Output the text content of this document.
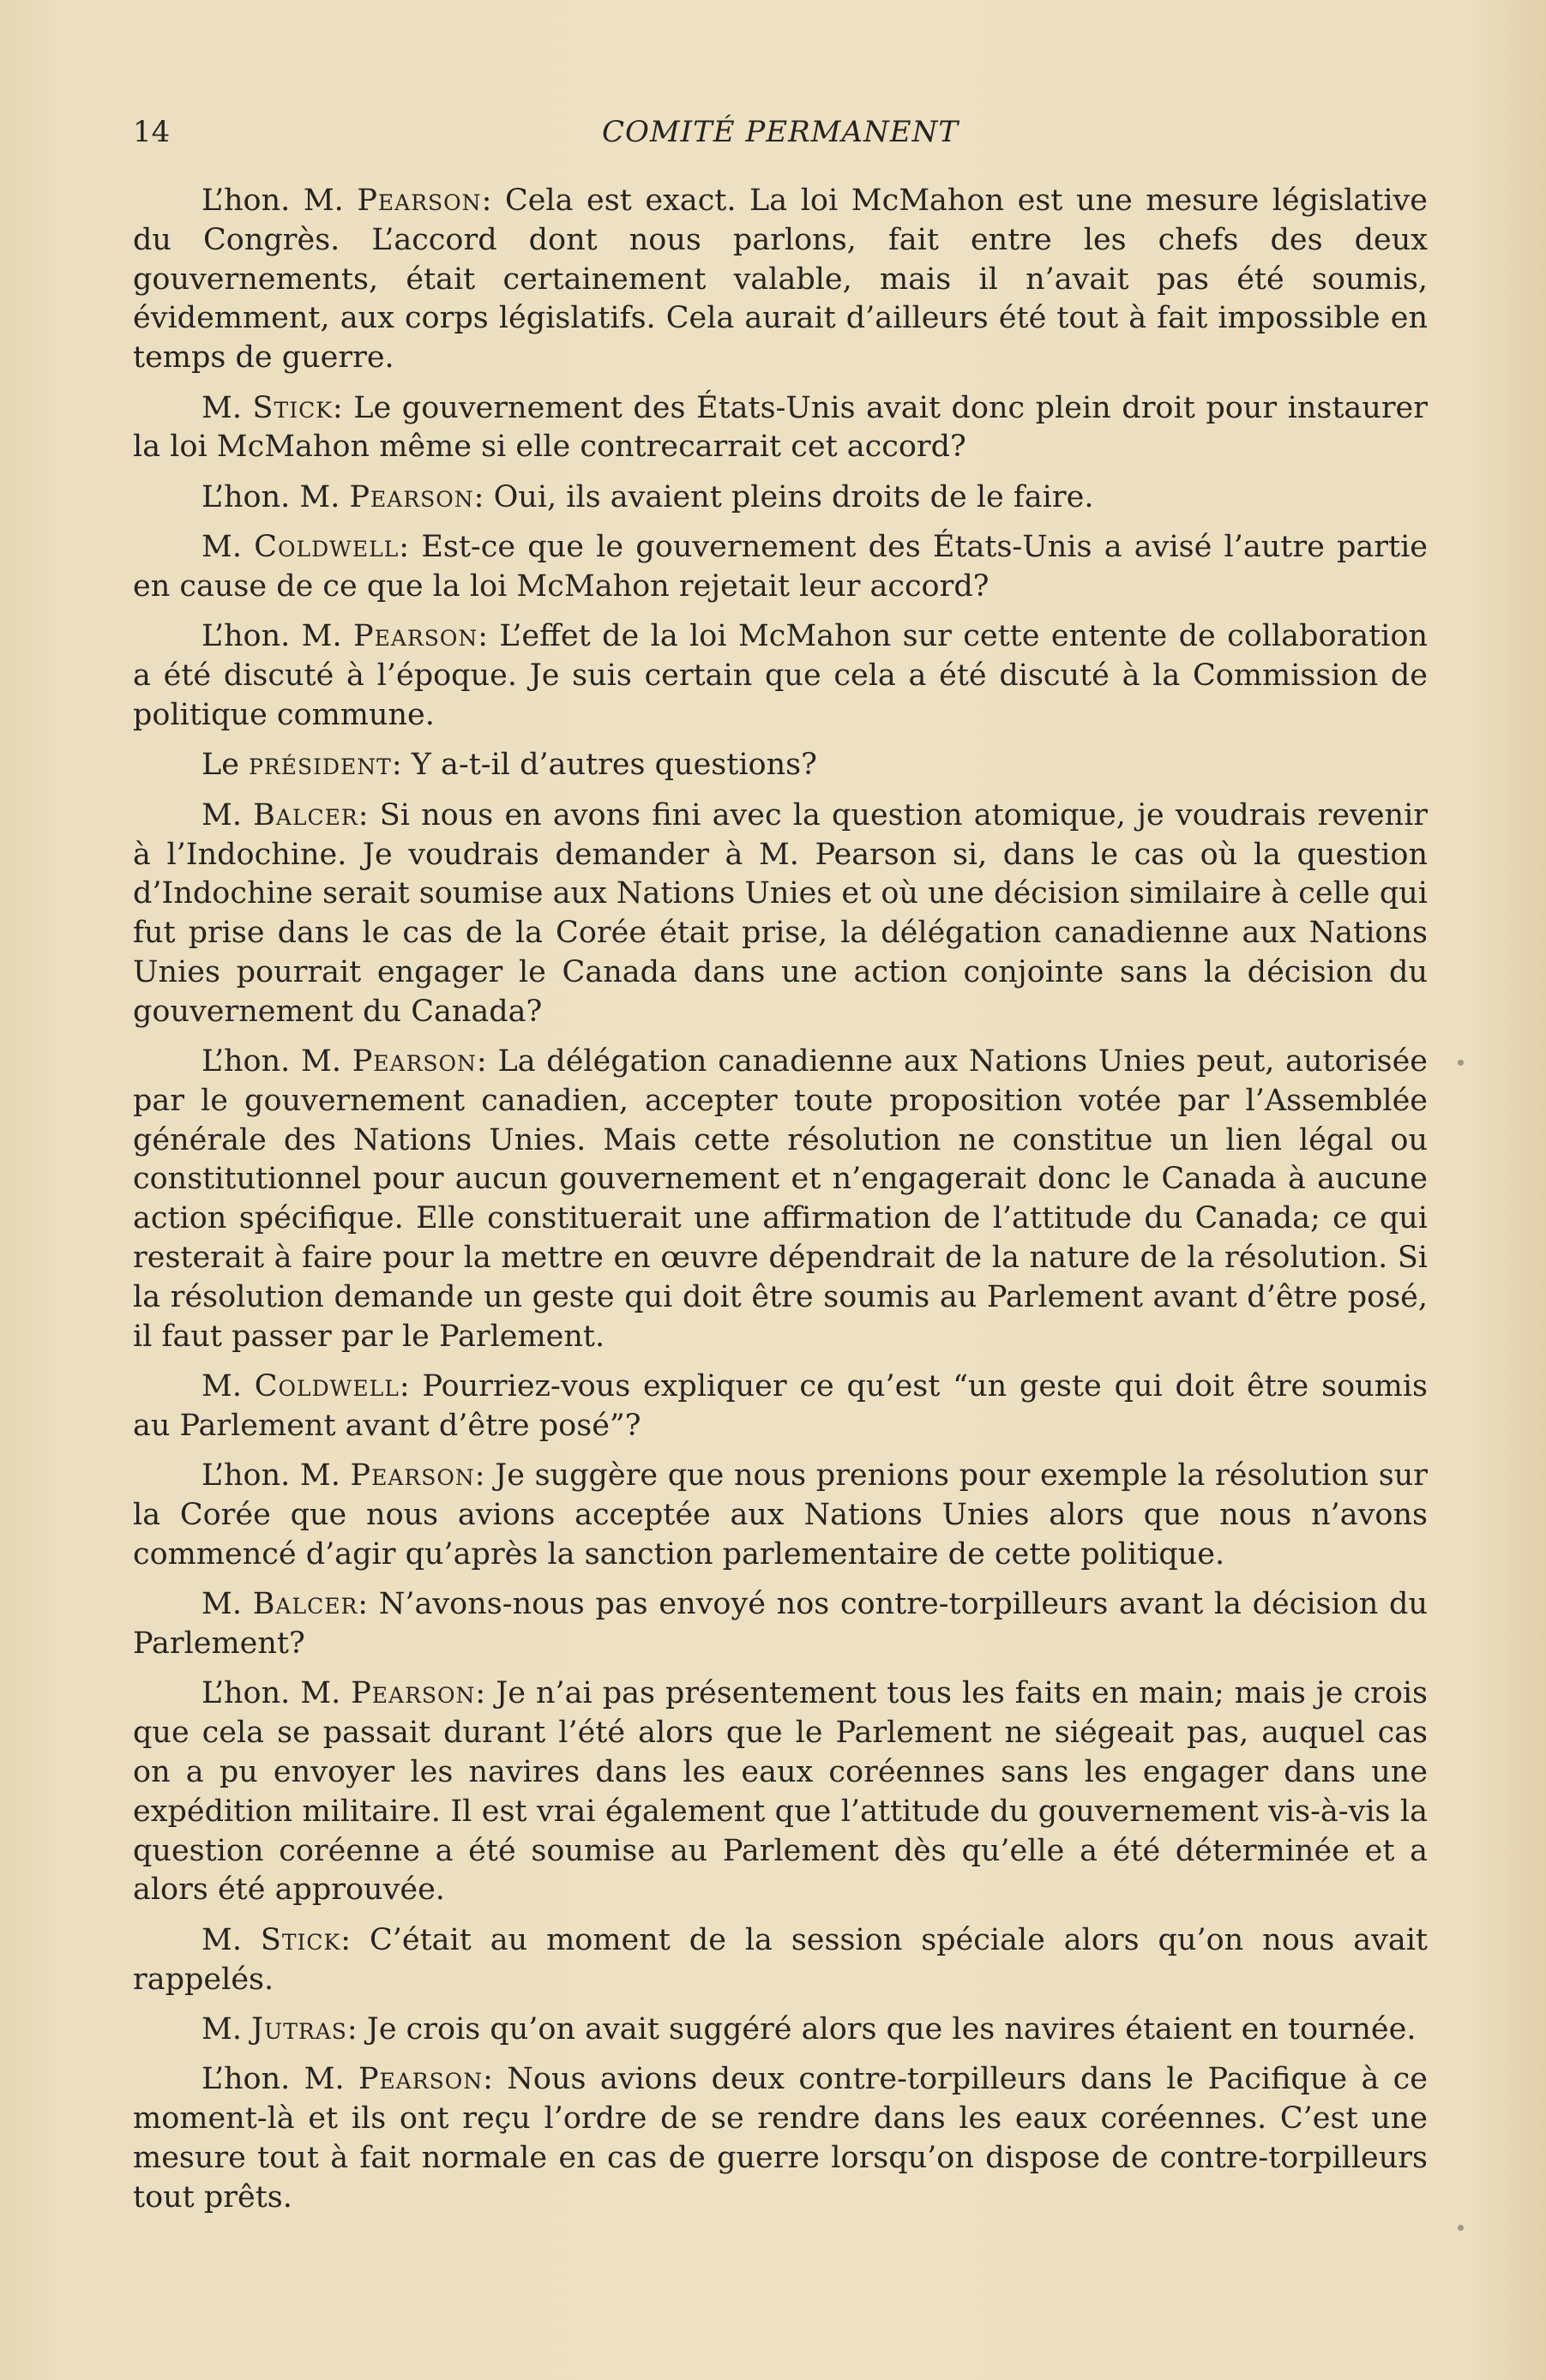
14	COMITÉ PERMANENT

L’hon. M. Pearson: Cela est exact. La loi McMahon est une mesure législative du Congrès. L’accord dont nous parlons, fait entre les chefs des deux gouvernements, était certainement valable, mais il n’avait pas été soumis, évidemment, aux corps législatifs. Cela aurait d’ailleurs été tout à fait impossible en temps de guerre.

M. Stick: Le gouvernement des États-Unis avait donc plein droit pour instaurer la loi McMahon même si elle contrecarrait cet accord?

L’hon. M. Pearson: Oui, ils avaient pleins droits de le faire.

M. Coldwell: Est-ce que le gouvernement des États-Unis a avisé l’autre partie en cause de ce que la loi McMahon rejetait leur accord?

L’hon. M. Pearson: L’effet de la loi McMahon sur cette entente de collaboration a été discuté à l’époque. Je suis certain que cela a été discuté à la Commission de politique commune.

Le président: Y a-t-il d’autres questions?

M. Balcer: Si nous en avons fini avec la question atomique, je voudrais revenir à l’Indochine. Je voudrais demander à M. Pearson si, dans le cas où la question d’Indochine serait soumise aux Nations Unies et où une décision similaire à celle qui fut prise dans le cas de la Corée était prise, la délégation canadienne aux Nations Unies pourrait engager le Canada dans une action conjointe sans la décision du gouvernement du Canada?

L’hon. M. Pearson: La délégation canadienne aux Nations Unies peut, autorisée par le gouvernement canadien, accepter toute proposition votée par l’Assemblée générale des Nations Unies. Mais cette résolution ne constitue un lien légal ou constitutionnel pour aucun gouvernement et n’engagerait donc le Canada à aucune action spécifique. Elle constituerait une affirmation de l’attitude du Canada; ce qui resterait à faire pour la mettre en œuvre dépendrait de la nature de la résolution. Si la résolution demande un geste qui doit être soumis au Parlement avant d’être posé, il faut passer par le Parlement.

M. Coldwell: Pourriez-vous expliquer ce qu’est “un geste qui doit être soumis au Parlement avant d’être posé”?

L’hon. M. Pearson: Je suggère que nous prenions pour exemple la résolution sur la Corée que nous avions acceptée aux Nations Unies alors que nous n’avons commencé d’agir qu’après la sanction parlementaire de cette politique.

M. Balcer: N’avons-nous pas envoyé nos contre-torpilleurs avant la décision du Parlement?

L’hon. M. Pearson: Je n’ai pas présentement tous les faits en main; mais je crois que cela se passait durant l’été alors que le Parlement ne siégeait pas, auquel cas on a pu envoyer les navires dans les eaux coréennes sans les engager dans une expédition militaire. Il est vrai également que l’attitude du gouvernement vis-à-vis la question coréenne a été soumise au Parlement dès qu’elle a été déterminée et a alors été approuvée.

M. Stick: C’était au moment de la session spéciale alors qu’on nous avait rappelés.

M. Jutras: Je crois qu’on avait suggéré alors que les navires étaient en tournée.

L’hon. M. Pearson: Nous avions deux contre-torpilleurs dans le Pacifique à ce moment-là et ils ont reçu l’ordre de se rendre dans les eaux coréennes. C’est une mesure tout à fait normale en cas de guerre lorsqu’on dispose de contre-torpilleurs tout prêts.
